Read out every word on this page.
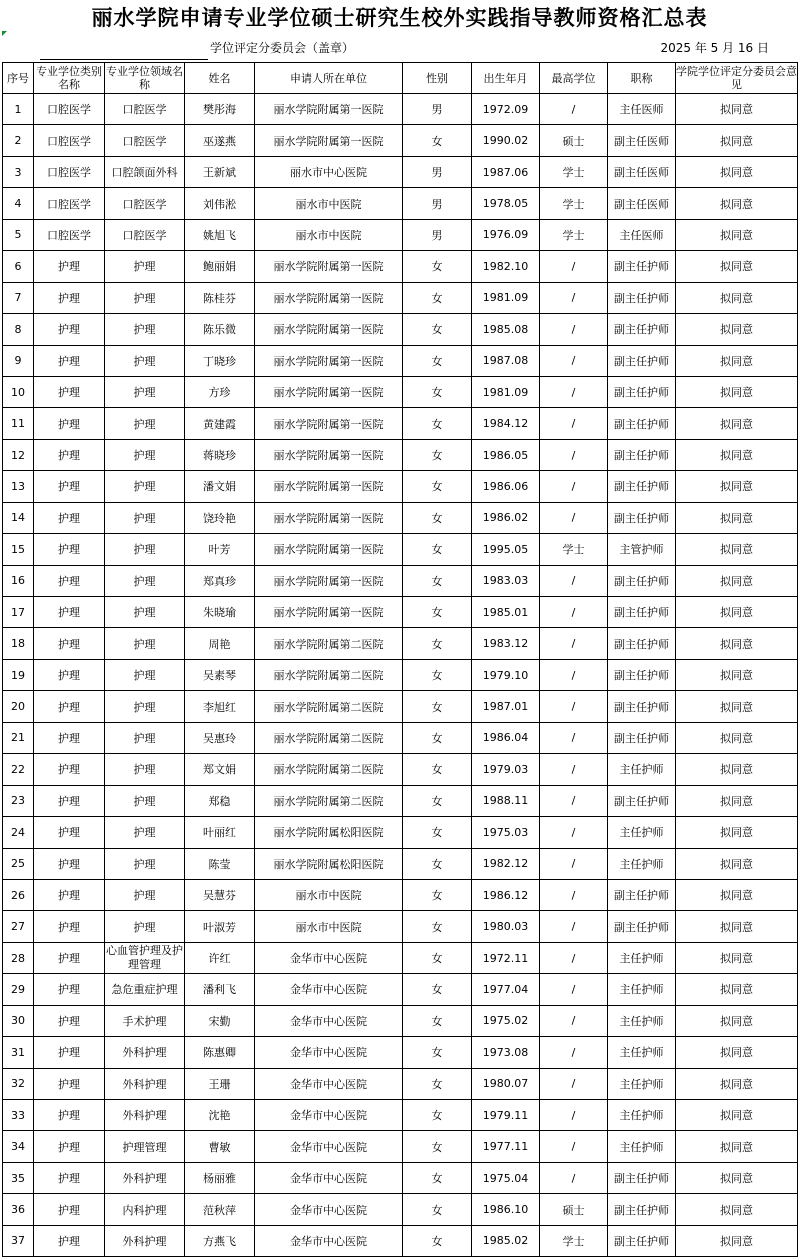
丽水学院申请专业学位硕士研究生校外实践指导教师资格汇总表
学位评定分委员会（盖章）	2025 年 5 月 16 日
序号	专业学位类别名称	专业学位领域名称	姓名	申请人所在单位	性别	出生年月	最高学位	职称	学院学位评定分委员会意见
1	口腔医学	口腔医学	樊彤海	丽水学院附属第一医院	男	1972.09	/	主任医师	拟同意
2	口腔医学	口腔医学	巫遂燕	丽水学院附属第一医院	女	1990.02	硕士	副主任医师	拟同意
3	口腔医学	口腔颌面外科	王新斌	丽水市中心医院	男	1987.06	学士	副主任医师	拟同意
4	口腔医学	口腔医学	刘伟淞	丽水市中医院	男	1978.05	学士	副主任医师	拟同意
5	口腔医学	口腔医学	姚旭飞	丽水市中医院	男	1976.09	学士	主任医师	拟同意
6	护理	护理	鲍丽娟	丽水学院附属第一医院	女	1982.10	/	副主任护师	拟同意
7	护理	护理	陈桂芬	丽水学院附属第一医院	女	1981.09	/	副主任护师	拟同意
8	护理	护理	陈乐微	丽水学院附属第一医院	女	1985.08	/	副主任护师	拟同意
9	护理	护理	丁晓珍	丽水学院附属第一医院	女	1987.08	/	副主任护师	拟同意
10	护理	护理	方珍	丽水学院附属第一医院	女	1981.09	/	副主任护师	拟同意
11	护理	护理	黄建霞	丽水学院附属第一医院	女	1984.12	/	副主任护师	拟同意
12	护理	护理	蒋晓珍	丽水学院附属第一医院	女	1986.05	/	副主任护师	拟同意
13	护理	护理	潘文娟	丽水学院附属第一医院	女	1986.06	/	副主任护师	拟同意
14	护理	护理	饶玲艳	丽水学院附属第一医院	女	1986.02	/	副主任护师	拟同意
15	护理	护理	叶芳	丽水学院附属第一医院	女	1995.05	学士	主管护师	拟同意
16	护理	护理	郑真珍	丽水学院附属第一医院	女	1983.03	/	副主任护师	拟同意
17	护理	护理	朱晓瑜	丽水学院附属第一医院	女	1985.01	/	副主任护师	拟同意
18	护理	护理	周艳	丽水学院附属第二医院	女	1983.12	/	副主任护师	拟同意
19	护理	护理	吴素琴	丽水学院附属第二医院	女	1979.10	/	副主任护师	拟同意
20	护理	护理	李旭红	丽水学院附属第二医院	女	1987.01	/	副主任护师	拟同意
21	护理	护理	吴惠玲	丽水学院附属第二医院	女	1986.04	/	副主任护师	拟同意
22	护理	护理	郑文娟	丽水学院附属第二医院	女	1979.03	/	主任护师	拟同意
23	护理	护理	郑稳	丽水学院附属第二医院	女	1988.11	/	副主任护师	拟同意
24	护理	护理	叶丽红	丽水学院附属松阳医院	女	1975.03	/	主任护师	拟同意
25	护理	护理	陈莹	丽水学院附属松阳医院	女	1982.12	/	主任护师	拟同意
26	护理	护理	吴慧芬	丽水市中医院	女	1986.12	/	副主任护师	拟同意
27	护理	护理	叶淑芳	丽水市中医院	女	1980.03	/	副主任护师	拟同意
28	护理	心血管护理及护理管理	许红	金华市中心医院	女	1972.11	/	主任护师	拟同意
29	护理	急危重症护理	潘利飞	金华市中心医院	女	1977.04	/	主任护师	拟同意
30	护理	手术护理	宋勤	金华市中心医院	女	1975.02	/	主任护师	拟同意
31	护理	外科护理	陈惠卿	金华市中心医院	女	1973.08	/	主任护师	拟同意
32	护理	外科护理	王珊	金华市中心医院	女	1980.07	/	主任护师	拟同意
33	护理	外科护理	沈艳	金华市中心医院	女	1979.11	/	主任护师	拟同意
34	护理	护理管理	曹敏	金华市中心医院	女	1977.11	/	主任护师	拟同意
35	护理	外科护理	杨丽雅	金华市中心医院	女	1975.04	/	副主任护师	拟同意
36	护理	内科护理	范秋萍	金华市中心医院	女	1986.10	硕士	副主任护师	拟同意
37	护理	外科护理	方燕飞	金华市中心医院	女	1985.02	学士	副主任护师	拟同意
